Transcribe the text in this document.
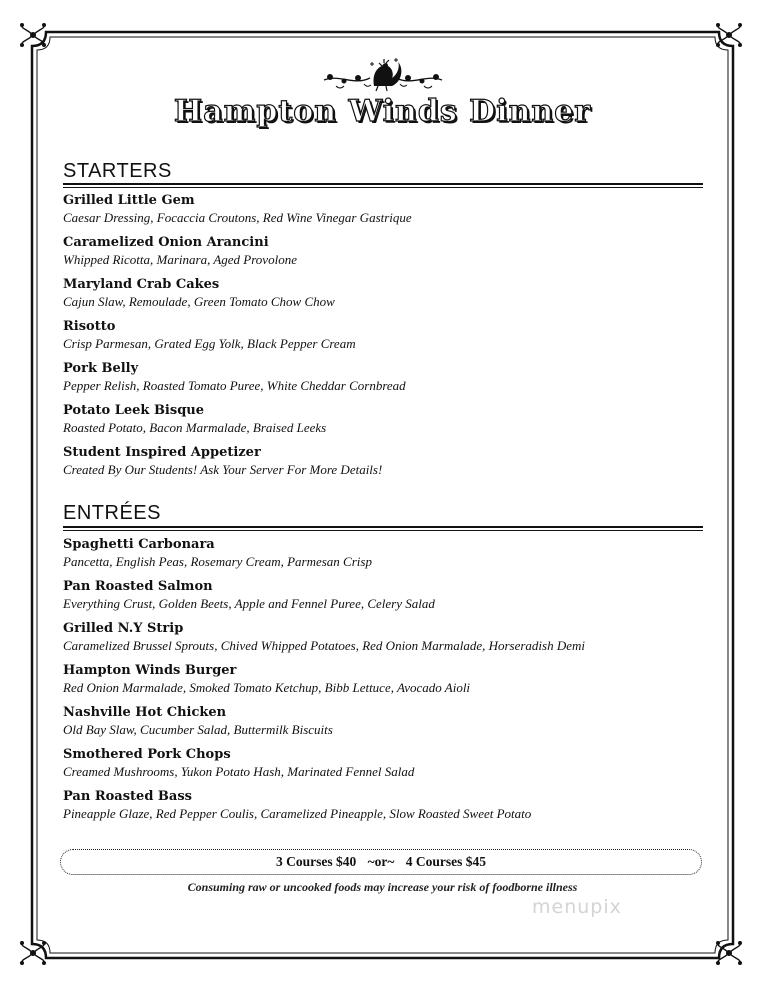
Hampton Winds Dinner
STARTERS
Grilled Little Gem
Caesar Dressing, Focaccia Croutons, Red Wine Vinegar Gastrique
Caramelized Onion Arancini
Whipped Ricotta, Marinara, Aged Provolone
Maryland Crab Cakes
Cajun Slaw, Remoulade, Green Tomato Chow Chow
Risotto
Crisp Parmesan, Grated Egg Yolk, Black Pepper Cream
Pork Belly
Pepper Relish, Roasted Tomato Puree, White Cheddar Cornbread
Potato Leek Bisque
Roasted Potato, Bacon Marmalade, Braised Leeks
Student Inspired Appetizer
Created By Our Students! Ask Your Server For More Details!
ENTRÉES
Spaghetti Carbonara
Pancetta, English Peas, Rosemary Cream, Parmesan Crisp
Pan Roasted Salmon
Everything Crust, Golden Beets, Apple and Fennel Puree, Celery Salad
Grilled N.Y Strip
Caramelized Brussel Sprouts, Chived Whipped Potatoes, Red Onion Marmalade, Horseradish Demi
Hampton Winds Burger
Red Onion Marmalade, Smoked Tomato Ketchup, Bibb Lettuce, Avocado Aioli
Nashville Hot Chicken
Old Bay Slaw, Cucumber Salad, Buttermilk Biscuits
Smothered Pork Chops
Creamed Mushrooms, Yukon Potato Hash, Marinated Fennel Salad
Pan Roasted Bass
Pineapple Glaze, Red Pepper Coulis, Caramelized Pineapple, Slow Roasted Sweet Potato
3 Courses $40 ~or~ 4 Courses $45
Consuming raw or uncooked foods may increase your risk of foodborne illness
menupix
